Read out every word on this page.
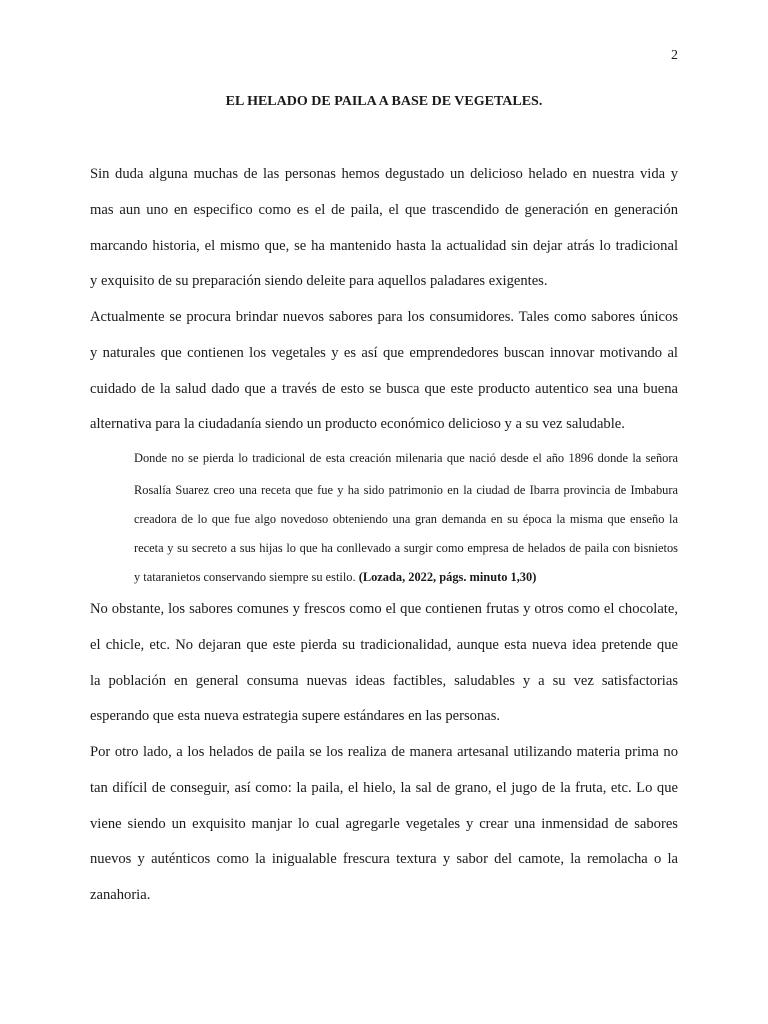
2
EL HELADO DE PAILA A BASE DE VEGETALES.
Sin duda alguna muchas de las personas hemos degustado un delicioso helado en nuestra vida y
mas aun uno en especifico como es el de paila, el que trascendido de generación en generación
marcando historia, el mismo que, se ha mantenido hasta la actualidad sin dejar atrás lo tradicional
y exquisito de su preparación siendo deleite para aquellos paladares exigentes.
Actualmente se procura brindar nuevos sabores para los consumidores. Tales como sabores únicos
y naturales que contienen los vegetales y es así que emprendedores buscan innovar motivando al
cuidado de la salud dado que a través de esto se busca que este producto autentico sea una buena
alternativa para la ciudadanía siendo un producto económico delicioso y a su vez saludable.
Donde no se pierda lo tradicional de esta creación milenaria que nació desde el año 1896 donde la señora
Rosalía Suarez creo una receta que fue y ha sido patrimonio en la ciudad de Ibarra provincia de Imbabura
creadora de lo que fue algo novedoso obteniendo una gran demanda en su época la misma que enseño la
receta y su secreto a sus hijas lo que ha conllevado a surgir como empresa de helados de paila con bisnietos
y tataranietos conservando siempre su estilo. (Lozada, 2022, págs. minuto 1,30)
No obstante, los sabores comunes y frescos como el que contienen frutas y otros como el chocolate,
el chicle, etc. No dejaran que este pierda su tradicionalidad, aunque esta nueva idea pretende que
la población en general consuma nuevas ideas factibles, saludables y a su vez satisfactorias
esperando que esta nueva estrategia supere estándares en las personas.
Por otro lado, a los helados de paila se los realiza de manera artesanal utilizando materia prima no
tan difícil de conseguir, así como: la paila, el hielo, la sal de grano, el jugo de la fruta, etc. Lo que
viene siendo un exquisito manjar lo cual agregarle vegetales y crear una inmensidad de sabores
nuevos y auténticos como la inigualable frescura textura y sabor del camote, la remolacha o la
zanahoria.
